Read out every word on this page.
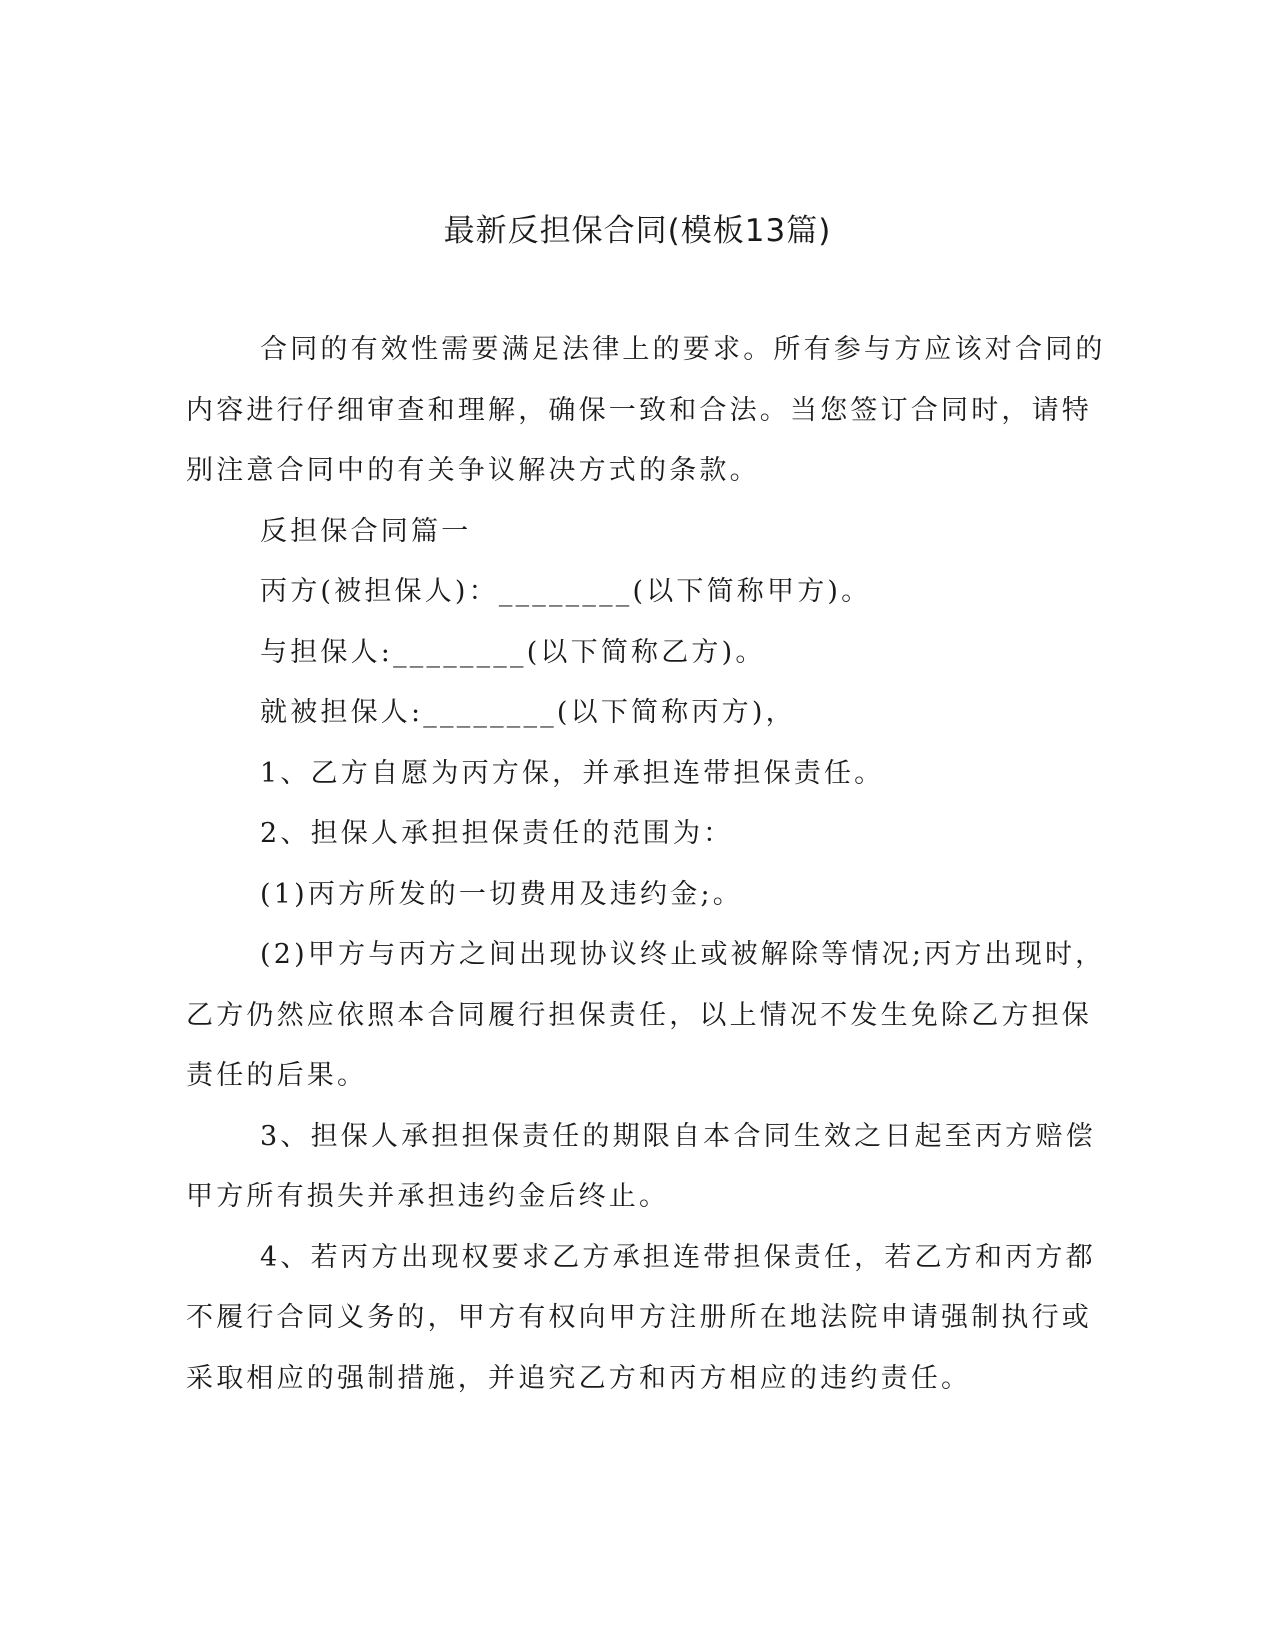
最新反担保合同(模板13篇)

合同的有效性需要满足法律上的要求。所有参与方应该对合同的

内容进行仔细审查和理解，确保一致和合法。当您签订合同时，请特

别注意合同中的有关争议解决方式的条款。

反担保合同篇一

丙方(被担保人)：________(以下简称甲方)。

与担保人:________(以下简称乙方)。

就被担保人:________(以下简称丙方)，

1、乙方自愿为丙方保，并承担连带担保责任。

2、担保人承担担保责任的范围为：

(1)丙方所发的一切费用及违约金;。

(2)甲方与丙方之间出现协议终止或被解除等情况;丙方出现时，

乙方仍然应依照本合同履行担保责任，以上情况不发生免除乙方担保

责任的后果。

3、担保人承担担保责任的期限自本合同生效之日起至丙方赔偿

甲方所有损失并承担违约金后终止。

4、若丙方出现权要求乙方承担连带担保责任，若乙方和丙方都

不履行合同义务的，甲方有权向甲方注册所在地法院申请强制执行或

采取相应的强制措施，并追究乙方和丙方相应的违约责任。
